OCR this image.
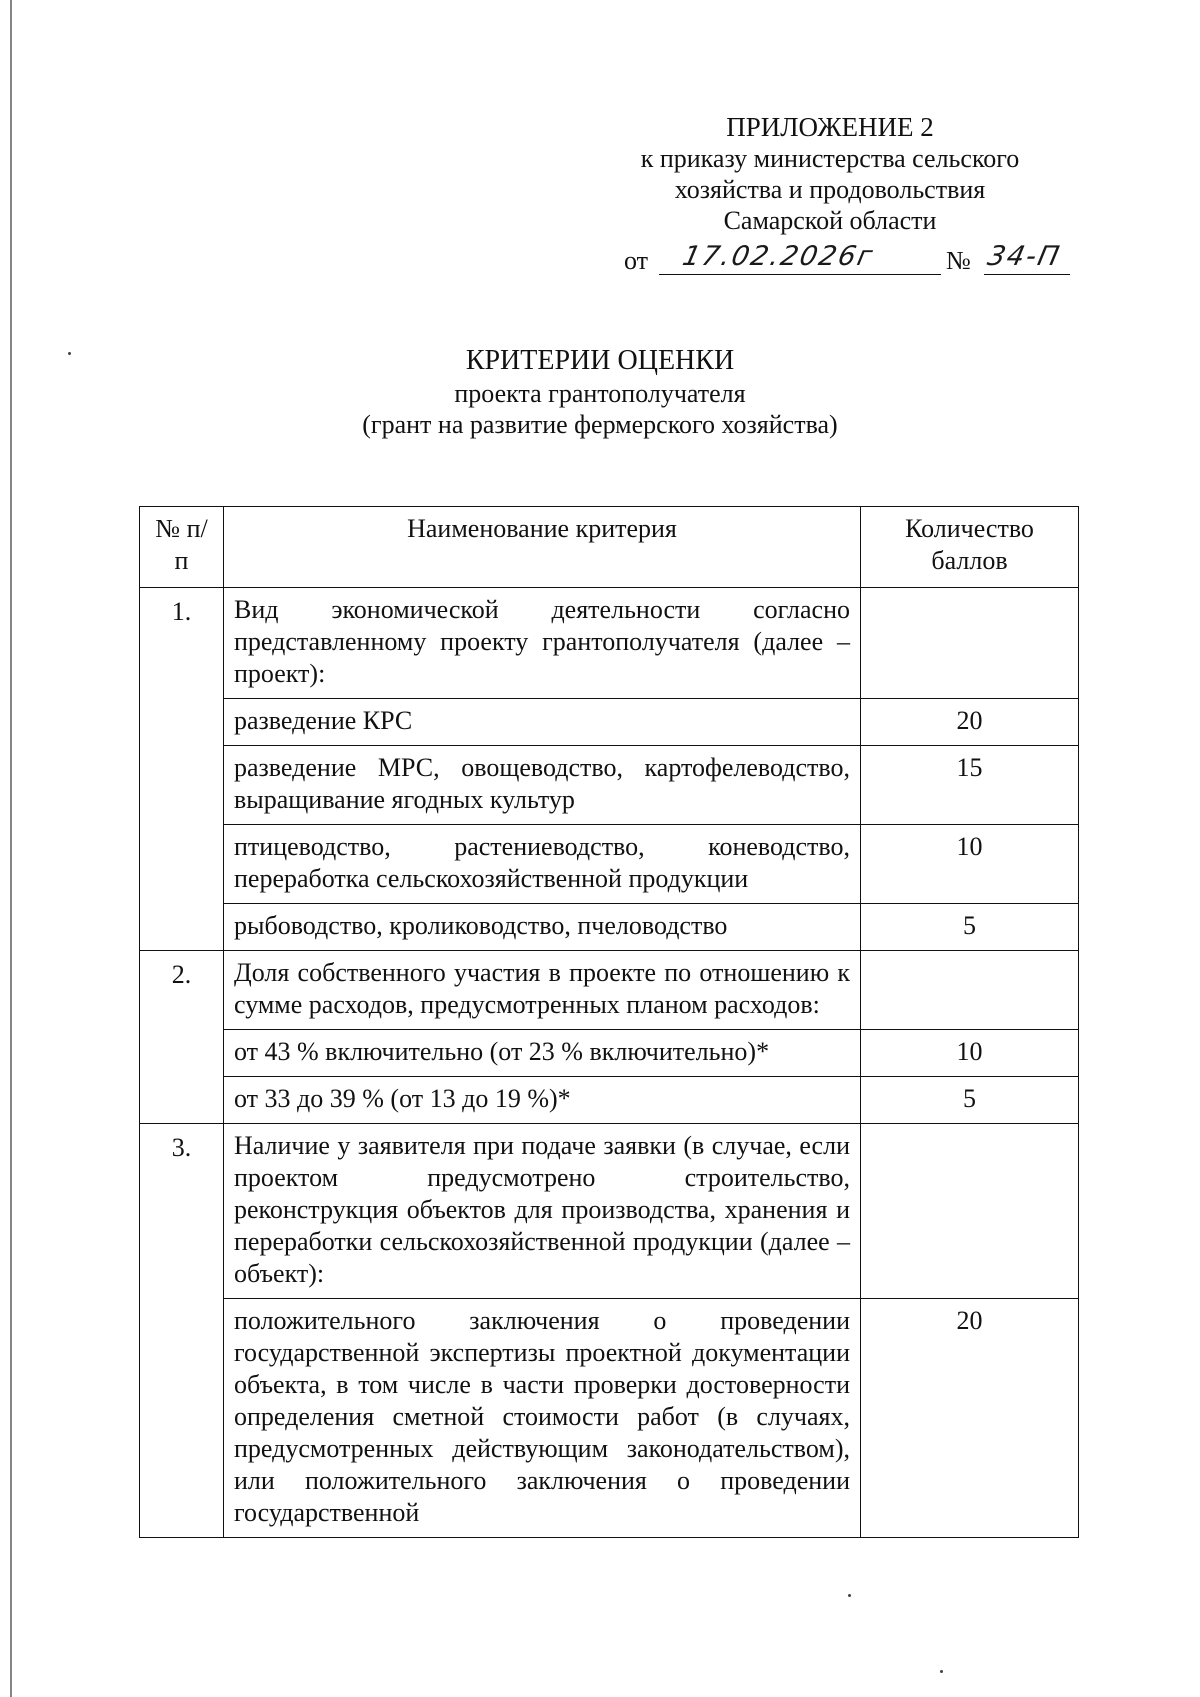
ПРИЛОЖЕНИЕ 2
к приказу министерства сельского
хозяйства и продовольствия
Самарской области
от 17.02.2026г	№ 34-П
КРИТЕРИИ ОЦЕНКИ
проекта грантополучателя
(грант на развитие фермерского хозяйства)
№ п/п	Наименование критерия	Количество баллов
1.	Вид экономической деятельности согласно представленному проекту грантополучателя (далее – проект):	
	разведение КРС	20
	разведение МРС, овощеводство, картофелеводство, выращивание ягодных культур	15
	птицеводство, растениеводство, коневодство, переработка сельскохозяйственной продукции	10
	рыбоводство, кролиководство, пчеловодство	5
2.	Доля собственного участия в проекте по отношению к сумме расходов, предусмотренных планом расходов:	
	от 43 % включительно (от 23 % включительно)*	10
	от 33 до 39 % (от 13 до 19 %)*	5
3.	Наличие у заявителя при подаче заявки (в случае, если проектом предусмотрено строительство, реконструкция объектов для производства, хранения и переработки сельскохозяйственной продукции (далее – объект):	
	положительного заключения о проведении государственной экспертизы проектной документации объекта, в том числе в части проверки достоверности определения сметной стоимости работ (в случаях, предусмотренных действующим законодательством), или положительного заключения о проведении государственной	20
